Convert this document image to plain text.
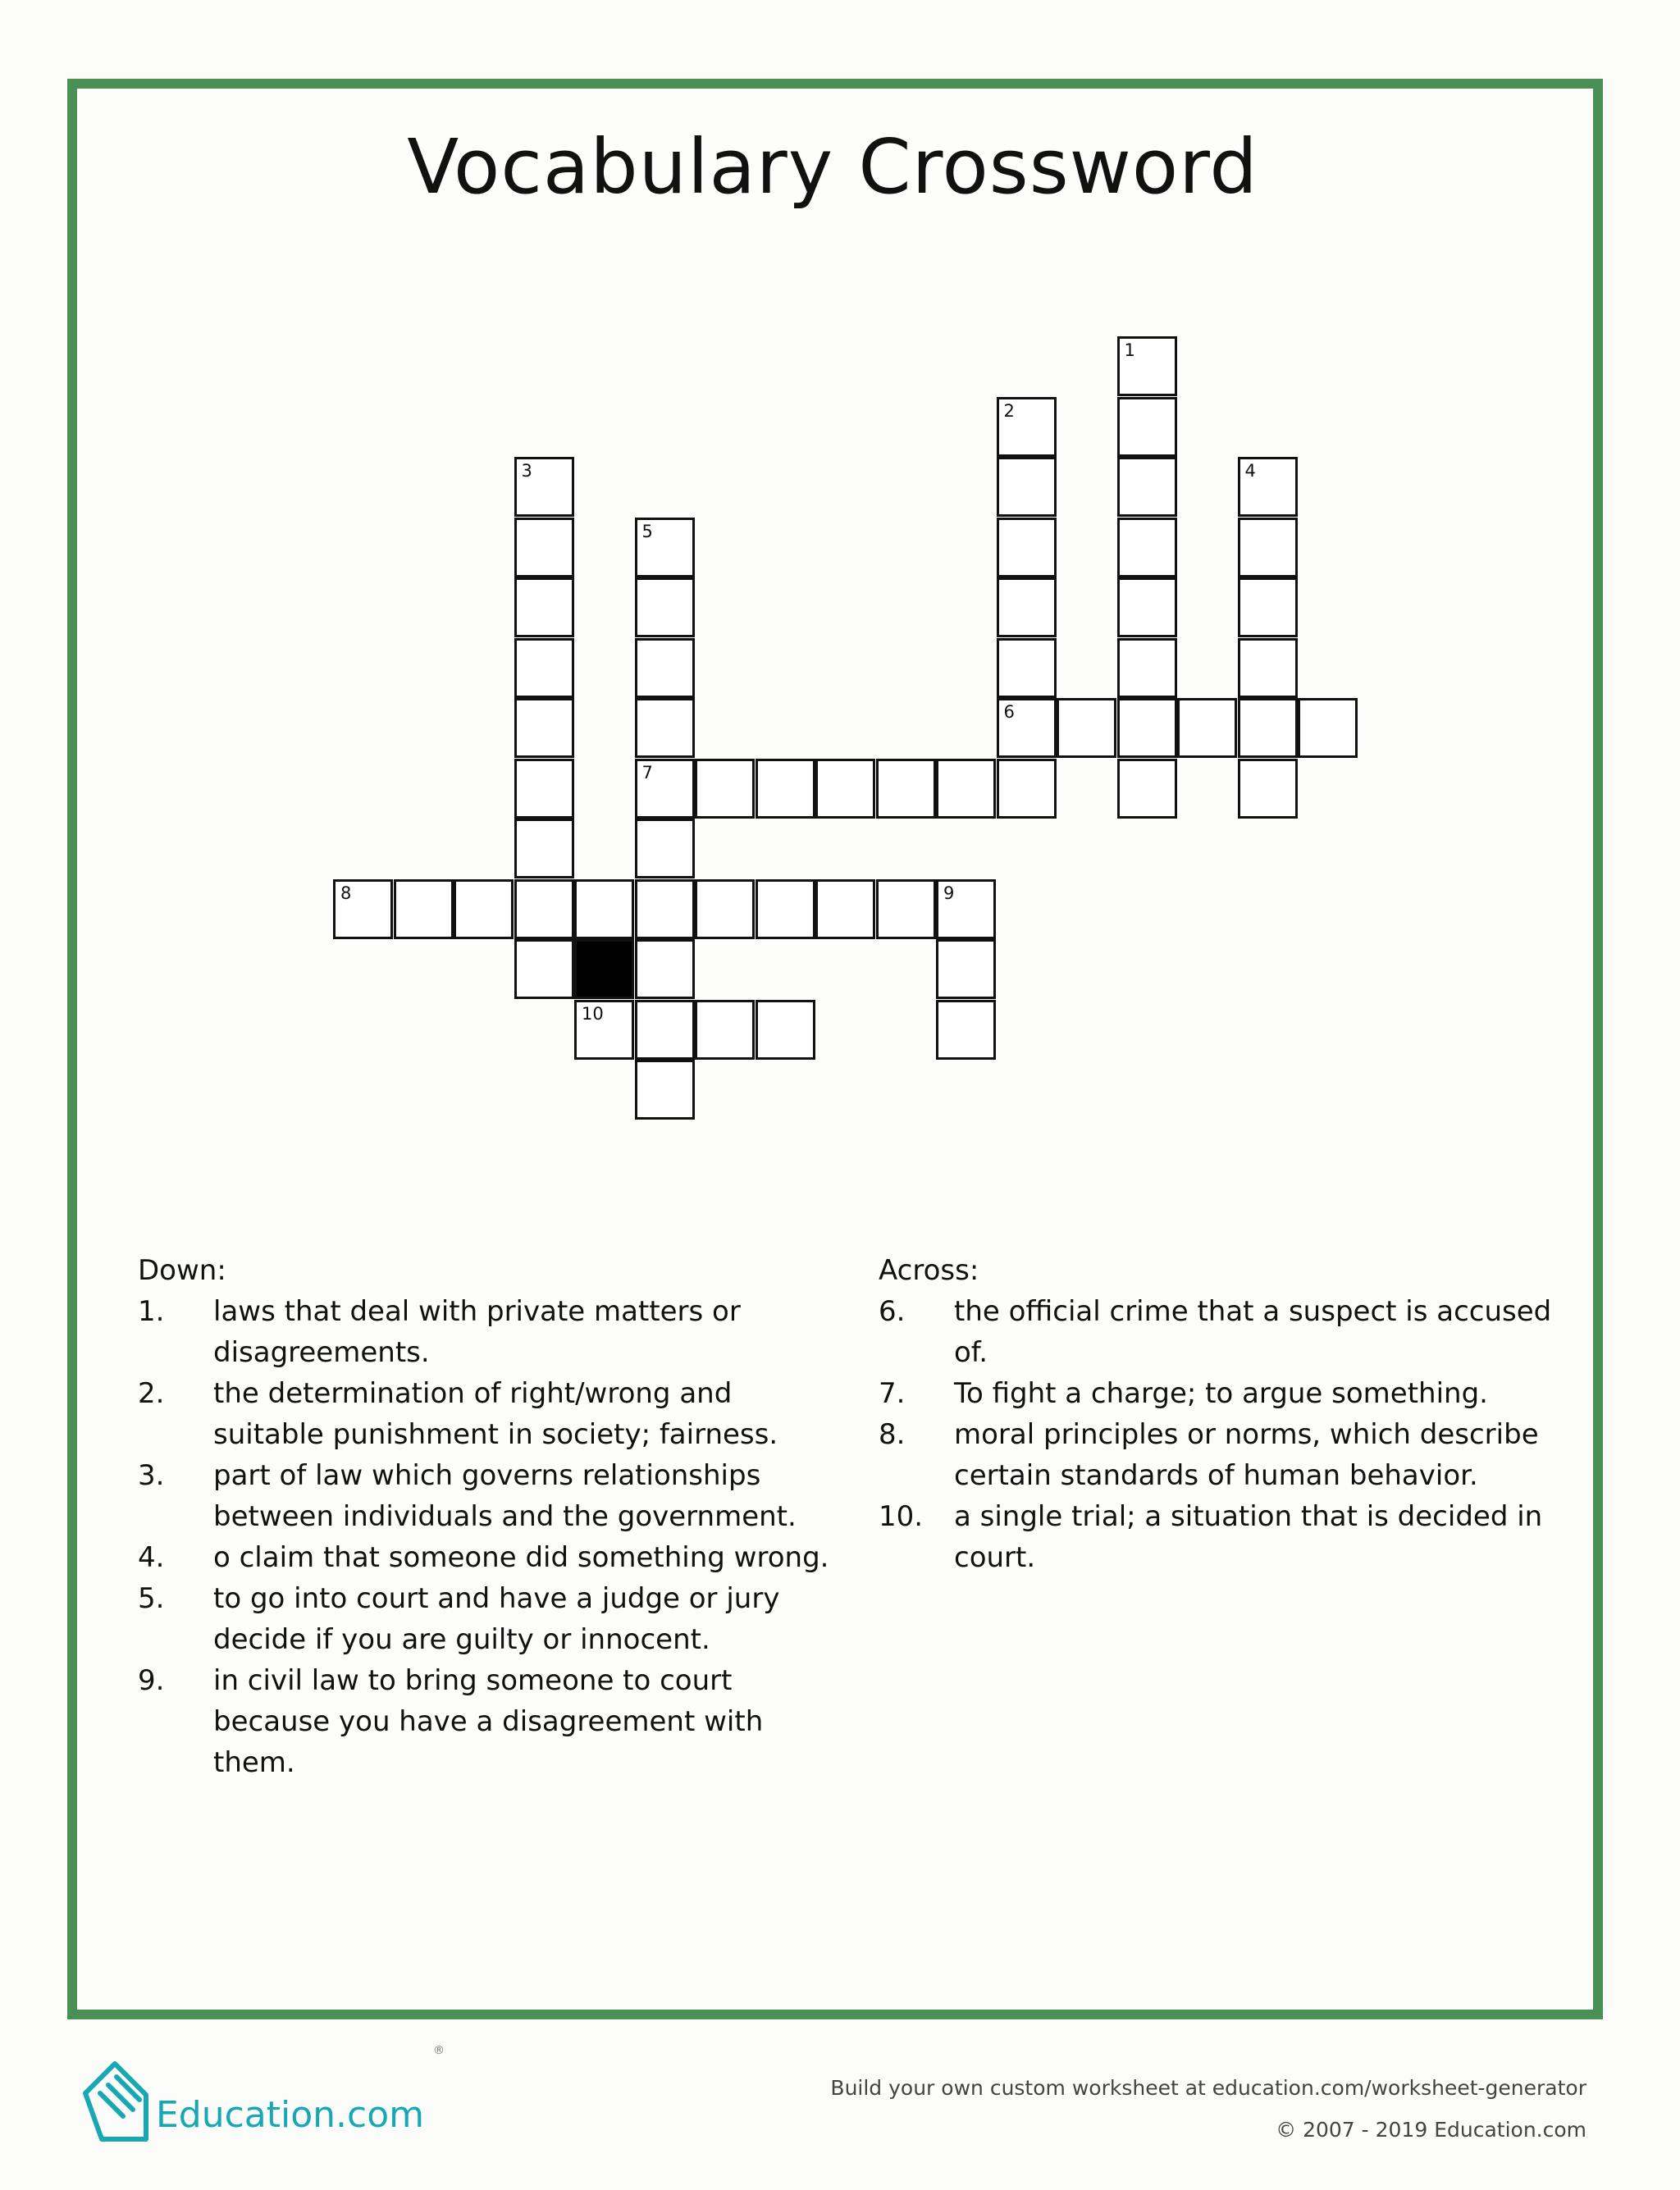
Vocabulary Crossword
1
2
3	4
5
6
7
8	9
10
Down:
1.	laws that deal with private matters or disagreements.
2.	the determination of right/wrong and suitable punishment in society; fairness.
3.	part of law which governs relationships between individuals and the government.
4.	o claim that someone did something wrong.
5.	to go into court and have a judge or jury decide if you are guilty or innocent.
9.	in civil law to bring someone to court because you have a disagreement with them.
Across:
6.	the official crime that a suspect is accused of.
7.	To fight a charge; to argue something.
8.	moral principles or norms, which describe certain standards of human behavior.
10.	a single trial; a situation that is decided in court.
Education.com
®
Build your own custom worksheet at education.com/worksheet-generator
© 2007 - 2019 Education.com
